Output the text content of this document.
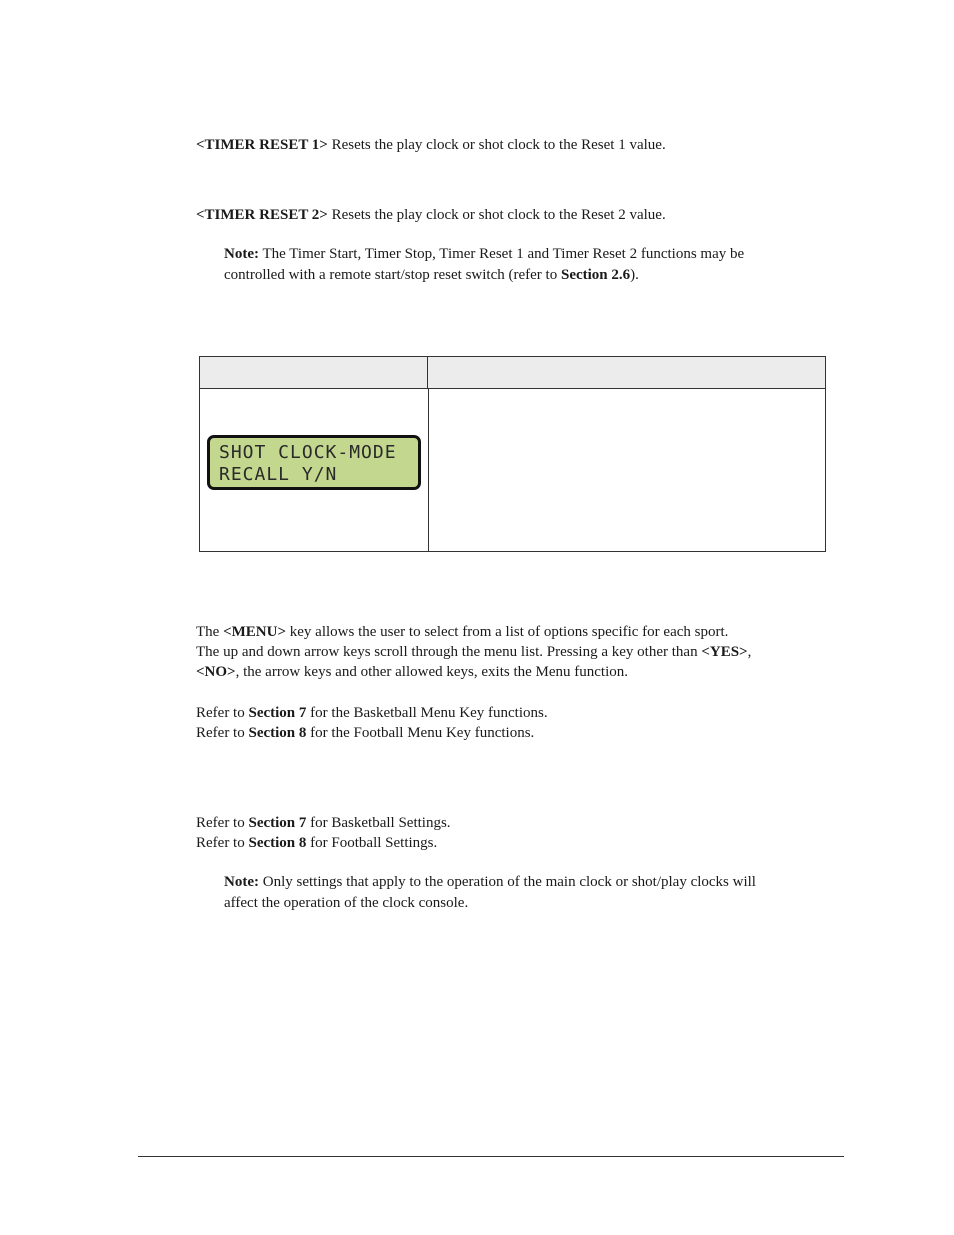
<TIMER RESET 1> Resets the play clock or shot clock to the Reset 1 value.
<TIMER RESET 2> Resets the play clock or shot clock to the Reset 2 value.
Note: The Timer Start, Timer Stop, Timer Reset 1 and Timer Reset 2 functions may be
controlled with a remote start/stop reset switch (refer to Section 2.6).
SHOT CLOCK-MODE
RECALL Y/N
The <MENU> key allows the user to select from a list of options specific for each sport.
The up and down arrow keys scroll through the menu list. Pressing a key other than <YES>,
<NO>, the arrow keys and other allowed keys, exits the Menu function.
Refer to Section 7 for the Basketball Menu Key functions.
Refer to Section 8 for the Football Menu Key functions.
Refer to Section 7 for Basketball Settings.
Refer to Section 8 for Football Settings.
Note: Only settings that apply to the operation of the main clock or shot/play clocks will
affect the operation of the clock console.
